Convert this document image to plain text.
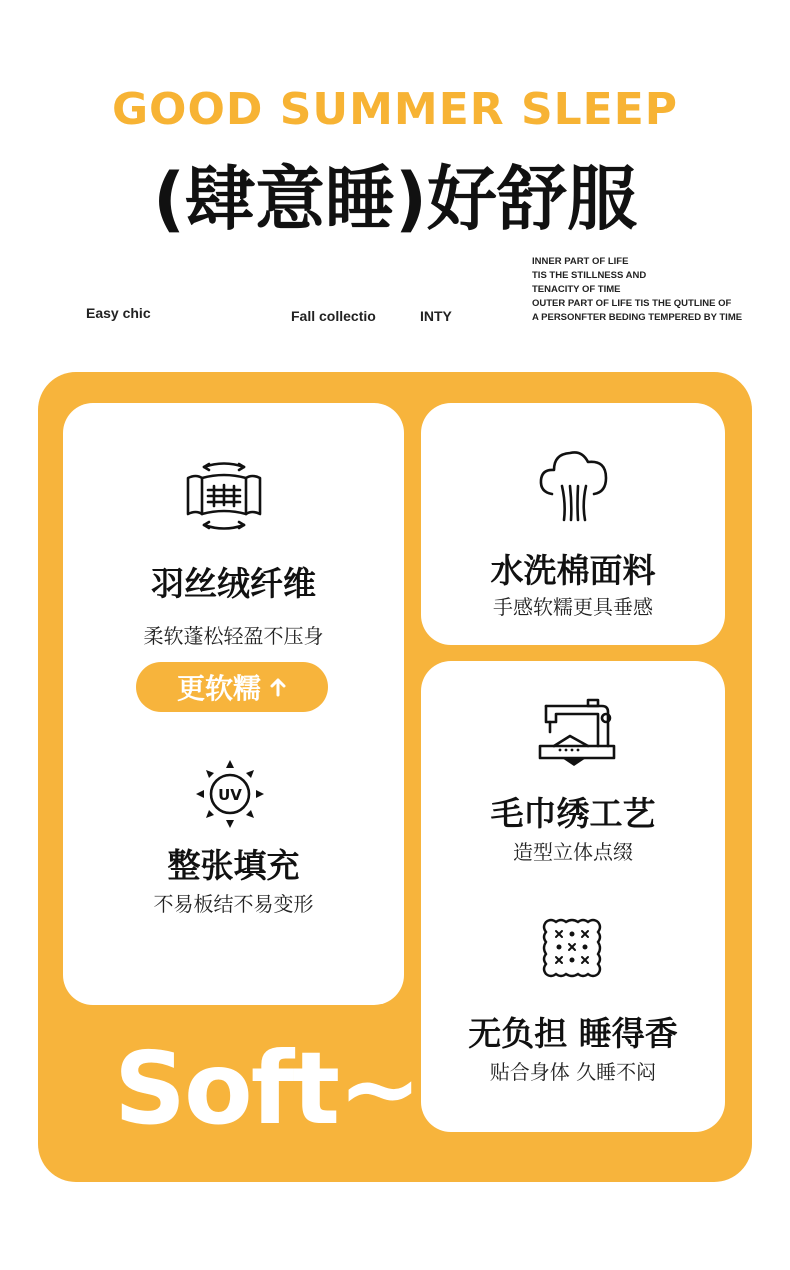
GOOD SUMMER SLEEP
(肆意睡)好舒服
Easy chic	Fall collectio	INTY
INNER PART OF LIFE
TIS THE STILLNESS AND
TENACITY OF TIME
OUTER PART OF LIFE TIS THE QUTLINE OF
A PERSONFTER BEDING TEMPERED BY TIME
羽丝绒纤维
柔软蓬松轻盈不压身
更软糯
UV
整张填充
不易板结不易变形
水洗棉面料
手感软糯更具垂感
毛巾绣工艺
造型立体点缀
无负担 睡得香
贴合身体 久睡不闷
Soft~
